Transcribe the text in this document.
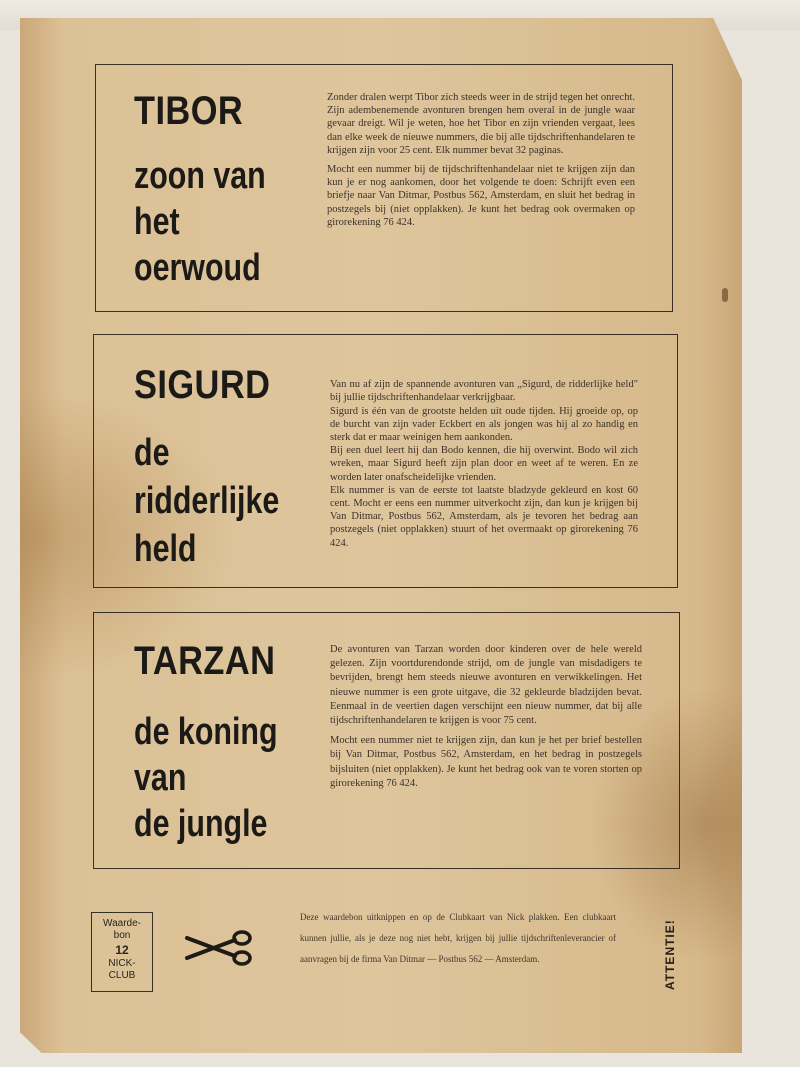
TIBOR
zoon van
het
oerwoud

Zonder dralen werpt Tibor zich steeds weer in de strijd tegen het onrecht. Zijn adembenemende avonturen brengen hem overal in de jungle waar gevaar dreigt. Wil je weten, hoe het Tibor en zijn vrienden vergaat, lees dan elke week de nieuwe nummers, die bij alle tijdschriftenhandelaren te krijgen zijn voor 25 cent. Elk nummer bevat 32 paginas.

Mocht een nummer bij de tijdschriftenhandelaar niet te krijgen zijn dan kun je er nog aankomen, door het volgende te doen: Schrijft even een briefje naar Van Ditmar, Postbus 562, Amsterdam, en sluit het bedrag in postzegels bij (niet opplakken). Je kunt het bedrag ook overmaken op girorekening 76 424.

SIGURD
de
ridderlijke
held

Van nu af zijn de spannende avonturen van „Sigurd, de ridderlijke held" bij jullie tijdschriftenhandelaar verkrijgbaar.
Sigurd is één van de grootste helden uit oude tijden. Hij groeide op, op de burcht van zijn vader Eckbert en als jongen was hij al zo handig en sterk dat er maar weinigen hem aankonden.
Bij een duel leert hij dan Bodo kennen, die hij overwint. Bodo wil zich wreken, maar Sigurd heeft zijn plan door en weet af te weren. En ze worden later onafscheidelijke vrienden.
Elk nummer is van de eerste tot laatste bladzyde gekleurd en kost 60 cent. Mocht er eens een nummer uitverkocht zijn, dan kun je krijgen bij Van Ditmar, Postbus 562, Amsterdam, als je tevoren het bedrag aan postzegels (niet opplakken) stuurt of het overmaakt op girorekening 76 424.

TARZAN
de koning
van
de jungle

De avonturen van Tarzan worden door kinderen over de hele wereld gelezen. Zijn voortdurendonde strijd, om de jungle van misdadigers te bevrijden, brengt hem steeds nieuwe avonturen en verwikkelingen. Het nieuwe nummer is een grote uitgave, die 32 gekleurde bladzijden bevat. Eenmaal in de veertien dagen verschijnt een nieuw nummer, dat bij alle tijdschriftenhandelaren te krijgen is voor 75 cent.

Mocht een nummer niet te krijgen zijn, dan kun je het per brief bestellen bij Van Ditmar, Postbus 562, Amsterdam, en het bedrag in postzegels bijsluiten (niet opplakken). Je kunt het bedrag ook van te voren storten op girorekening 76 424.

Waarde-
bon
12
NICK-
CLUB
Deze waardebon uitknippen en op de Clubkaart van Nick plakken. Een clubkaart kunnen jullie, als je deze nog niet hebt, krijgen bij jullie tijdschriftenleverancier of aanvragen bij de firma Van Ditmar — Postbus 562 — Amsterdam.	ATTENTIE!
